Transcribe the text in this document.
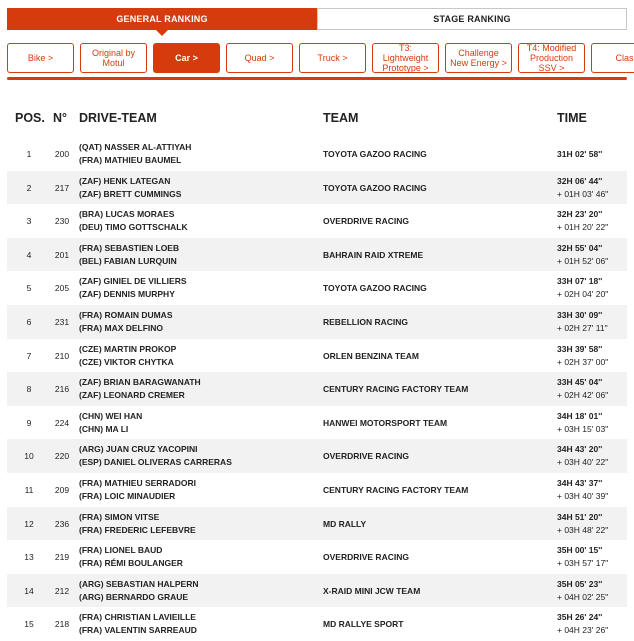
GENERAL RANKING	STAGE RANKING
Bike >	Original by Motul	Car >	Quad >	Truck >
T3: Lightweight Prototype >
Challenge New Energy >
T4: Modified Production SSV >
Clas
POS. N° DRIVE-TEAM	TEAM	TIME
1	200
(QAT) NASSER AL-ATTIYAH
(FRA) MATHIEU BAUMEL
TOYOTA GAZOO RACING	31H 02' 58''
2	217
(ZAF) HENK LATEGAN
(ZAF) BRETT CUMMINGS
TOYOTA GAZOO RACING
32H 06' 44''
+ 01H 03' 46''
3	230
(BRA) LUCAS MORAES
(DEU) TIMO GOTTSCHALK
OVERDRIVE RACING
32H 23' 20''
+ 01H 20' 22''
4	201
(FRA) SEBASTIEN LOEB
(BEL) FABIAN LURQUIN
BAHRAIN RAID XTREME
32H 55' 04''
+ 01H 52' 06''
5	205
(ZAF) GINIEL DE VILLIERS
(ZAF) DENNIS MURPHY
TOYOTA GAZOO RACING
33H 07' 18''
+ 02H 04' 20''
6	231
(FRA) ROMAIN DUMAS
(FRA) MAX DELFINO
REBELLION RACING
33H 30' 09''
+ 02H 27' 11''
7	210
(CZE) MARTIN PROKOP
(CZE) VIKTOR CHYTKA
ORLEN BENZINA TEAM
33H 39' 58''
+ 02H 37' 00''
8	216
(ZAF) BRIAN BARAGWANATH
(ZAF) LEONARD CREMER
CENTURY RACING FACTORY TEAM
33H 45' 04''
+ 02H 42' 06''
9	224
(CHN) WEI HAN
(CHN) MA LI
HANWEI MOTORSPORT TEAM
34H 18' 01''
+ 03H 15' 03''
10	220
(ARG) JUAN CRUZ YACOPINI
(ESP) DANIEL OLIVERAS CARRERAS
OVERDRIVE RACING
34H 43' 20''
+ 03H 40' 22''
11	209
(FRA) MATHIEU SERRADORI
(FRA) LOIC MINAUDIER
CENTURY RACING FACTORY TEAM
34H 43' 37''
+ 03H 40' 39''
12	236
(FRA) SIMON VITSE
(FRA) FREDERIC LEFEBVRE
MD RALLY
34H 51' 20''
+ 03H 48' 22''
13	219
(FRA) LIONEL BAUD
(FRA) RÉMI BOULANGER
OVERDRIVE RACING
35H 00' 15''
+ 03H 57' 17''
14	212
(ARG) SEBASTIAN HALPERN
(ARG) BERNARDO GRAUE
X-RAID MINI JCW TEAM
35H 05' 23''
+ 04H 02' 25''
15	218
(FRA) CHRISTIAN LAVIEILLE
(FRA) VALENTIN SARREAUD
MD RALLYE SPORT
35H 26' 24''
+ 04H 23' 26''
